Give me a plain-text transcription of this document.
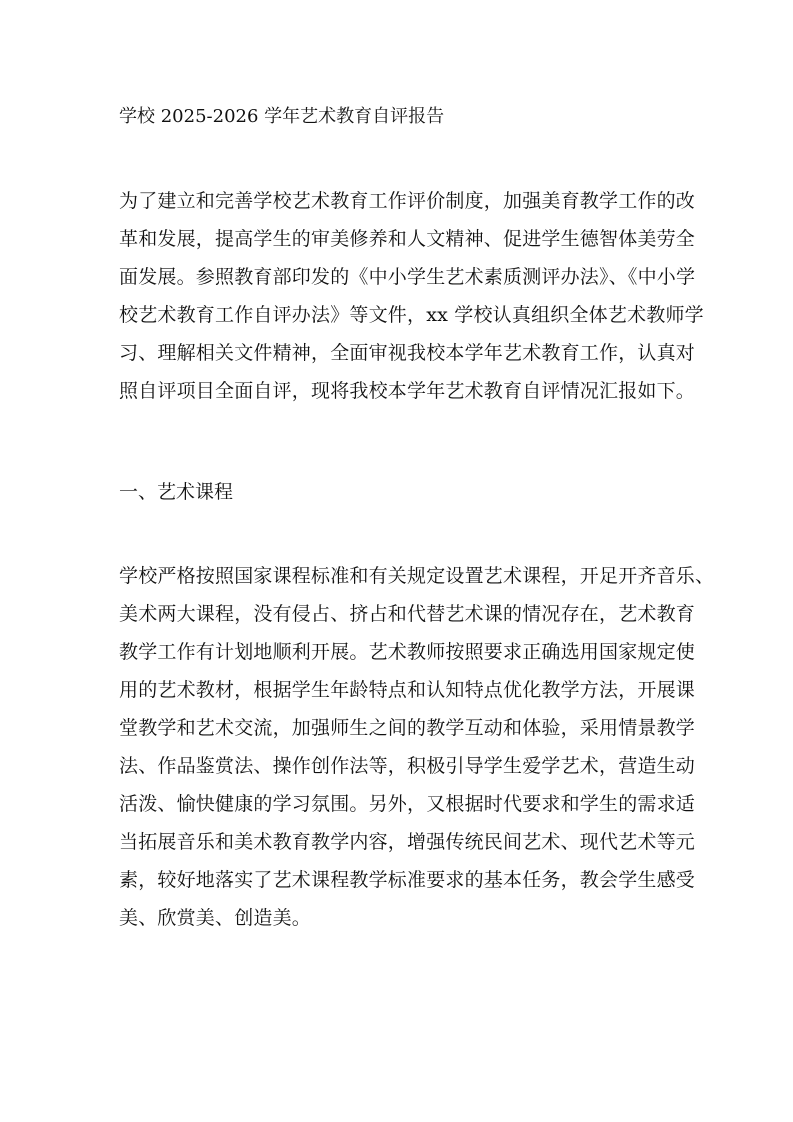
学校 2025-2026 学年艺术教育自评报告
为了建立和完善学校艺术教育工作评价制度，加强美育教学工作的改
革和发展，提高学生的审美修养和人文精神、促进学生德智体美劳全
面发展。参照教育部印发的《中小学生艺术素质测评办法》、《中小学
校艺术教育工作自评办法》等文件，xx 学校认真组织全体艺术教师学
习、理解相关文件精神，全面审视我校本学年艺术教育工作，认真对
照自评项目全面自评，现将我校本学年艺术教育自评情况汇报如下。
一、艺术课程
学校严格按照国家课程标准和有关规定设置艺术课程，开足开齐音乐、
美术两大课程，没有侵占、挤占和代替艺术课的情况存在，艺术教育
教学工作有计划地顺利开展。艺术教师按照要求正确选用国家规定使
用的艺术教材，根据学生年龄特点和认知特点优化教学方法，开展课
堂教学和艺术交流，加强师生之间的教学互动和体验，采用情景教学
法、作品鉴赏法、操作创作法等，积极引导学生爱学艺术，营造生动
活泼、愉快健康的学习氛围。另外，又根据时代要求和学生的需求适
当拓展音乐和美术教育教学内容，增强传统民间艺术、现代艺术等元
素，较好地落实了艺术课程教学标准要求的基本任务，教会学生感受
美、欣赏美、创造美。
